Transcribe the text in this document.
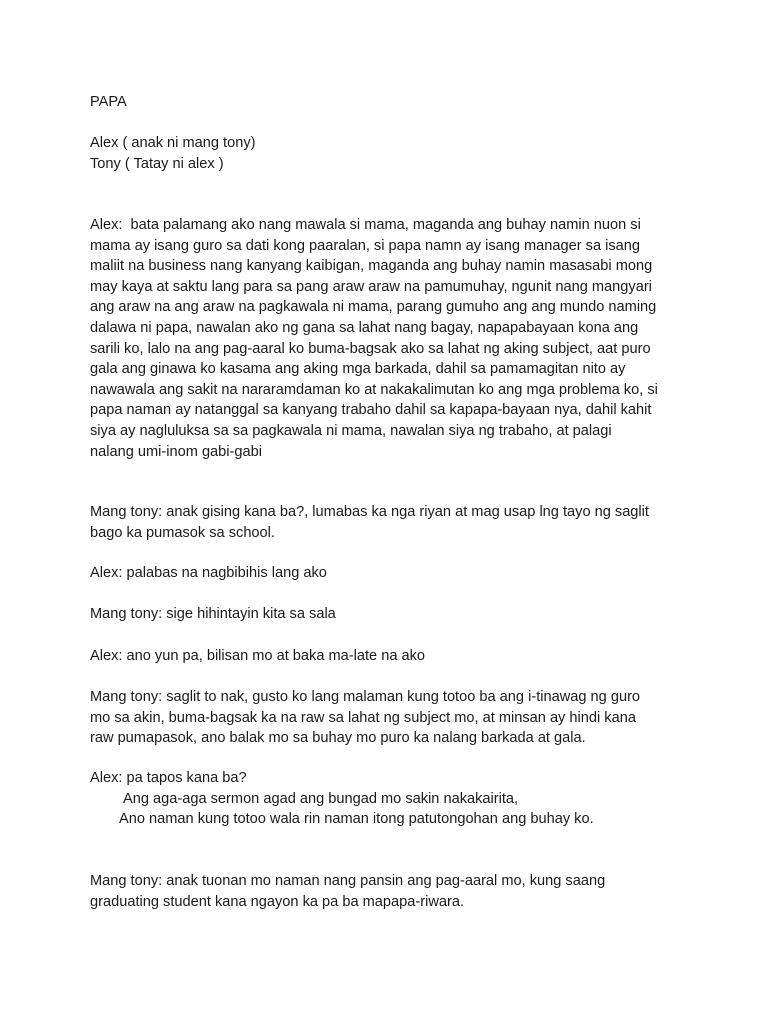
PAPA

Alex ( anak ni mang tony)
Tony ( Tatay ni alex )

Alex:  bata palamang ako nang mawala si mama, maganda ang buhay namin nuon si
mama ay isang guro sa dati kong paaralan, si papa namn ay isang manager sa isang
maliit na business nang kanyang kaibigan, maganda ang buhay namin masasabi mong
may kaya at saktu lang para sa pang araw araw na pamumuhay, ngunit nang mangyari
ang araw na ang araw na pagkawala ni mama, parang gumuho ang ang mundo naming
dalawa ni papa, nawalan ako ng gana sa lahat nang bagay, napapabayaan kona ang
sarili ko, lalo na ang pag-aaral ko buma-bagsak ako sa lahat ng aking subject, aat puro
gala ang ginawa ko kasama ang aking mga barkada, dahil sa pamamagitan nito ay
nawawala ang sakit na nararamdaman ko at nakakalimutan ko ang mga problema ko, si
papa naman ay natanggal sa kanyang trabaho dahil sa kapapa-bayaan nya, dahil kahit
siya ay nagluluksa sa sa pagkawala ni mama, nawalan siya ng trabaho, at palagi
nalang umi-inom gabi-gabi

Mang tony: anak gising kana ba?, lumabas ka nga riyan at mag usap lng tayo ng saglit
bago ka pumasok sa school.

Alex: palabas na nagbibihis lang ako

Mang tony: sige hihintayin kita sa sala

Alex: ano yun pa, bilisan mo at baka ma-late na ako

Mang tony: saglit to nak, gusto ko lang malaman kung totoo ba ang i-tinawag ng guro
mo sa akin, buma-bagsak ka na raw sa lahat ng subject mo, at minsan ay hindi kana
raw pumapasok, ano balak mo sa buhay mo puro ka nalang barkada at gala.

Alex: pa tapos kana ba?
Ang aga-aga sermon agad ang bungad mo sakin nakakairita,
Ano naman kung totoo wala rin naman itong patutongohan ang buhay ko.

Mang tony: anak tuonan mo naman nang pansin ang pag-aaral mo, kung saang
graduating student kana ngayon ka pa ba mapapa-riwara.
